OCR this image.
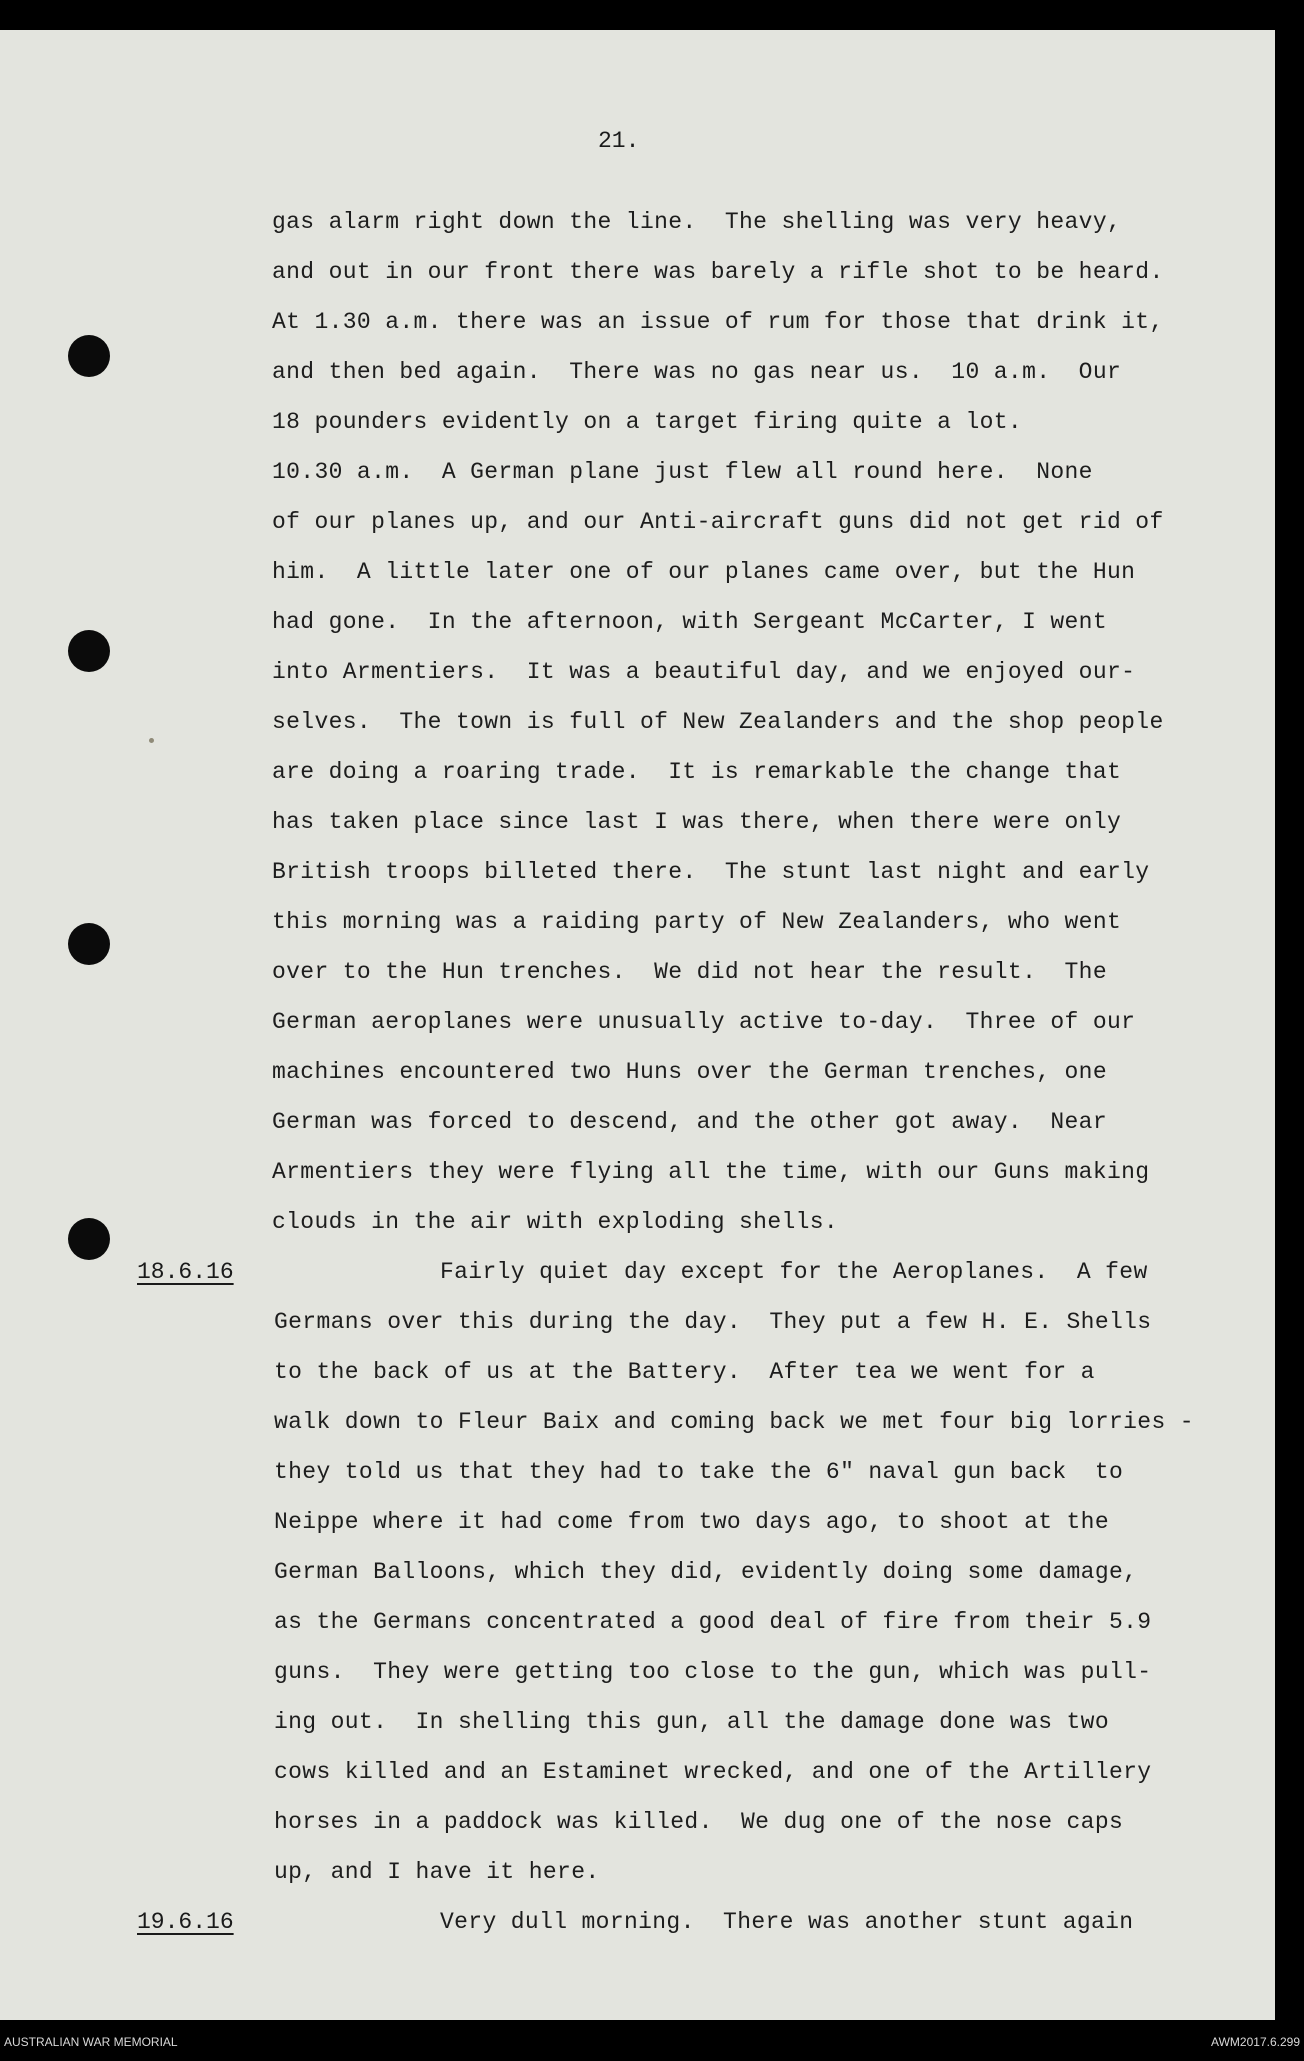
21.
gas alarm right down the line.  The shelling was very heavy,
and out in our front there was barely a rifle shot to be heard.
At 1.30 a.m. there was an issue of rum for those that drink it,
and then bed again.  There was no gas near us.  10 a.m.  Our
18 pounders evidently on a target firing quite a lot.
10.30 a.m.  A German plane just flew all round here.  None
of our planes up, and our Anti-aircraft guns did not get rid of
him.  A little later one of our planes came over, but the Hun
had gone.  In the afternoon, with Sergeant McCarter, I went
into Armentiers.  It was a beautiful day, and we enjoyed our-
selves.  The town is full of New Zealanders and the shop people
are doing a roaring trade.  It is remarkable the change that
has taken place since last I was there, when there were only
British troops billeted there.  The stunt last night and early
this morning was a raiding party of New Zealanders, who went
over to the Hun trenches.  We did not hear the result.  The
German aeroplanes were unusually active to-day.  Three of our
machines encountered two Huns over the German trenches, one
German was forced to descend, and the other got away.  Near
Armentiers they were flying all the time, with our Guns making
clouds in the air with exploding shells.
18.6.16	Fairly quiet day except for the Aeroplanes.  A few
Germans over this during the day.  They put a few H. E. Shells
to the back of us at the Battery.  After tea we went for a
walk down to Fleur Baix and coming back we met four big lorries -
they told us that they had to take the 6" naval gun back  to
Neippe where it had come from two days ago, to shoot at the
German Balloons, which they did, evidently doing some damage,
as the Germans concentrated a good deal of fire from their 5.9
guns.  They were getting too close to the gun, which was pull-
ing out.  In shelling this gun, all the damage done was two
cows killed and an Estaminet wrecked, and one of the Artillery
horses in a paddock was killed.  We dug one of the nose caps
up, and I have it here.
19.6.16	Very dull morning.  There was another stunt again
AUSTRALIAN WAR MEMORIAL	AWM2017.6.299
